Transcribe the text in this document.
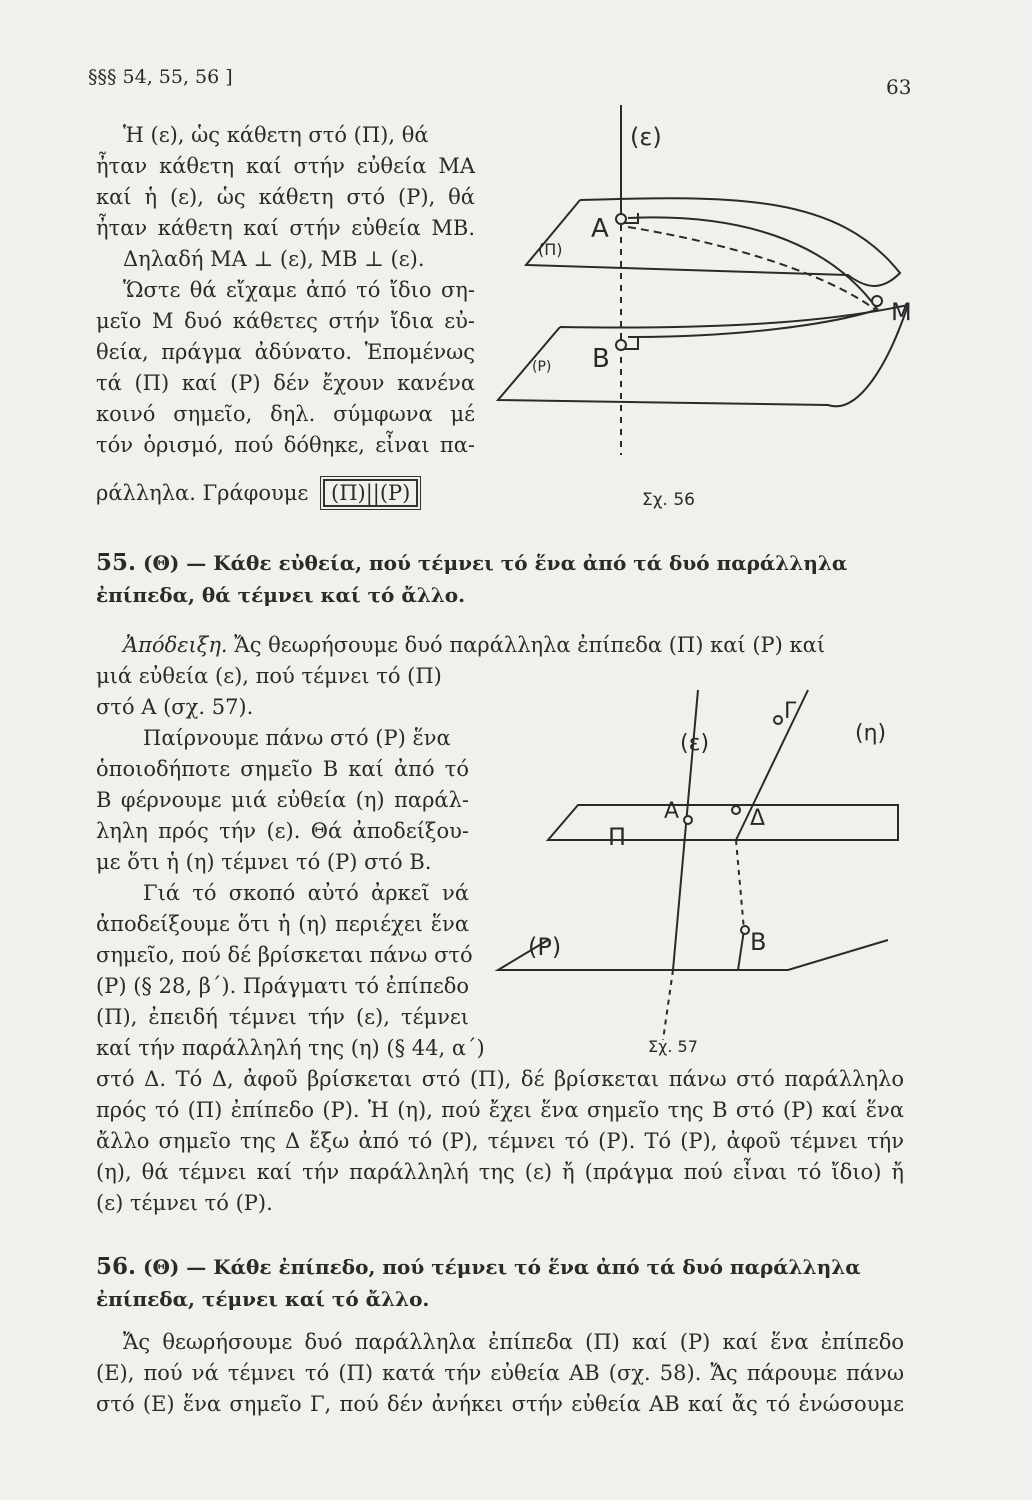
§§§ 54, 55, 56 ]	63
Ἡ (ε), ὡς κάθετη στό (Π), θά
ἦταν κάθετη καί στήν εὐθεία ΜΑ
καί ἡ (ε), ὡς κάθετη στό (Ρ), θά
ἦταν κάθετη καί στήν εὐθεία ΜΒ.
Δηλαδή ΜΑ ⊥ (ε), ΜΒ ⊥ (ε).
Ὥστε θά εἴχαμε ἀπό τό ἴδιο ση-
μεῖο Μ δυό κάθετες στήν ἴδια εὐ-
θεία, πράγμα ἀδύνατο. Ἑπομένως
τά (Π) καί (Ρ) δέν ἔχουν κανένα
κοινό σημεῖο, δηλ. σύμφωνα μέ
τόν ὁρισμό, πού δόθηκε, εἶναι πα-
ράλληλα. Γράφουμε (Π)||(Ρ)
(ε)
(Π)
Α
(Ρ) Β
Μ
Σχ. 56
55. (Θ) — Κάθε εὐθεία, πού τέμνει τό ἕνα ἀπό τά δυό παράλληλα
ἐπίπεδα, θά τέμνει καί τό ἄλλο.
Ἀπόδειξη. Ἄς θεωρήσουμε δυό παράλληλα ἐπίπεδα (Π) καί (Ρ) καί
μιά εὐθεία (ε), πού τέμνει τό (Π)
στό Α (σχ. 57).
Παίρνουμε πάνω στό (Ρ) ἕνα
ὁποιοδήποτε σημεῖο Β καί ἀπό τό
Β φέρνουμε μιά εὐθεία (η) παράλ-
ληλη πρός τήν (ε). Θά ἀποδείξου-
με ὅτι ἡ (η) τέμνει τό (Ρ) στό Β.
Γιά τό σκοπό αὐτό ἀρκεῖ νά
ἀποδείξουμε ὅτι ἡ (η) περιέχει ἕνα
σημεῖο, πού δέ βρίσκεται πάνω στό
(Ρ) (§ 28, β΄). Πράγματι τό ἐπίπεδο
(Π), ἐπειδή τέμνει τήν (ε), τέμνει
καί τήν παράλληλή της (η) (§ 44, α΄)
στό Δ. Τό Δ, ἀφοῦ βρίσκεται στό (Π), δέ βρίσκεται πάνω στό παράλληλο
πρός τό (Π) ἐπίπεδο (Ρ). Ἡ (η), πού ἔχει ἕνα σημεῖο της Β στό (Ρ) καί ἕνα
ἄλλο σημεῖο της Δ ἔξω ἀπό τό (Ρ), τέμνει τό (Ρ). Τό (Ρ), ἀφοῦ τέμνει τήν
(η), θά τέμνει καί τήν παράλληλή της (ε) ἤ (πράγμα πού εἶναι τό ἴδιο) ἤ
(ε) τέμνει τό (Ρ).
(ε)	(η)
Γ
Α	Δ
Π
(Ρ)	Β
Σχ. 57
56. (Θ) — Κάθε ἐπίπεδο, πού τέμνει τό ἕνα ἀπό τά δυό παράλληλα
ἐπίπεδα, τέμνει καί τό ἄλλο.
Ἄς θεωρήσουμε δυό παράλληλα ἐπίπεδα (Π) καί (Ρ) καί ἕνα ἐπίπεδο
(Ε), πού νά τέμνει τό (Π) κατά τήν εὐθεία ΑΒ (σχ. 58). Ἄς πάρουμε πάνω
στό (Ε) ἕνα σημεῖο Γ, πού δέν ἀνήκει στήν εὐθεία ΑΒ καί ἄς τό ἑνώσουμε
